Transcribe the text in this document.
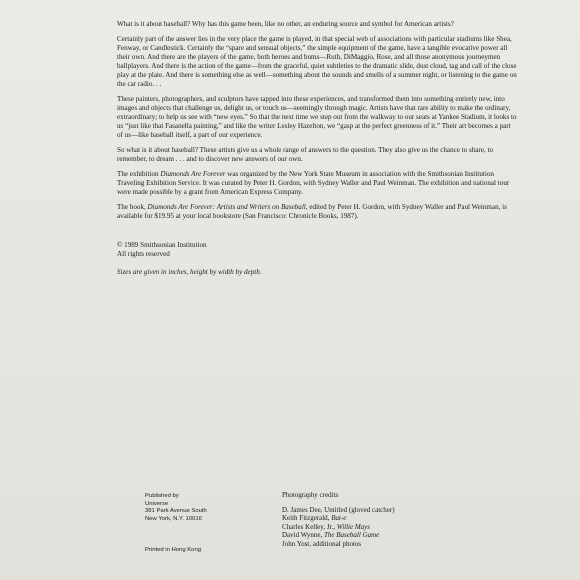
What is it about baseball? Why has this game been, like no other, an enduring source and symbol for American artists?

Certainly part of the answer lies in the very place the game is played, in that special web of associations with particular stadiums like Shea, Fenway, or Candlestick. Certainly the “spare and sensual objects,” the simple equipment of the game, have a tangible evocative power all their own. And there are the players of the game, both heroes and bums—Ruth, DiMaggio, Rose, and all those anonymous journeymen ballplayers. And there is the action of the game—from the graceful, quiet subtleties to the dramatic slide, dust cloud, tag and call of the close play at the plate. And there is something else as well—something about the sounds and smells of a summer night, or listening to the game on the car radio. . .

These painters, photographers, and sculptors have tapped into these experiences, and transformed them into something entirely new, into images and objects that challenge us, delight us, or touch us—seemingly through magic. Artists have that rare ability to make the ordinary, extraordinary; to help us see with “new eyes.” So that the next time we step out from the walkway to our seats at Yankee Stadium, it looks to us “just like that Fasanella painting,” and like the writer Lesley Hazelton, we “gasp at the perfect greenness of it.” Their art becomes a part of us—like baseball itself, a part of our experience.

So what is it about baseball? These artists give us a whole range of answers to the question. They also give us the chance to share, to remember, to dream . . . and to discover new answers of our own.

The exhibition Diamonds Are Forever was organized by the New York State Museum in association with the Smithsonian Institution Traveling Exhibition Service. It was curated by Peter H. Gordon, with Sydney Waller and Paul Weinman. The exhibition and national tour were made possible by a grant from American Express Company.

The book, Diamonds Are Forever: Artists and Writers on Baseball, edited by Peter H. Gordon, with Sydney Waller and Paul Weinman, is available for $19.95 at your local bookstore (San Francisco: Chronicle Books, 1987).

© 1989 Smithsonian Institution
All rights reserved

Sizes are given in inches, height by width by depth.

Published by
Universe
381 Park Avenue South
New York, N.Y. 10016
Printed in Hong Kong
Photography credits
D. James Dee, Untitled (gloved catcher)
Keith Fitzgerald, Bat-e
Charles Kelley, Jr., Willie Mays
David Wynne, The Baseball Game
John Yost, additional photos
